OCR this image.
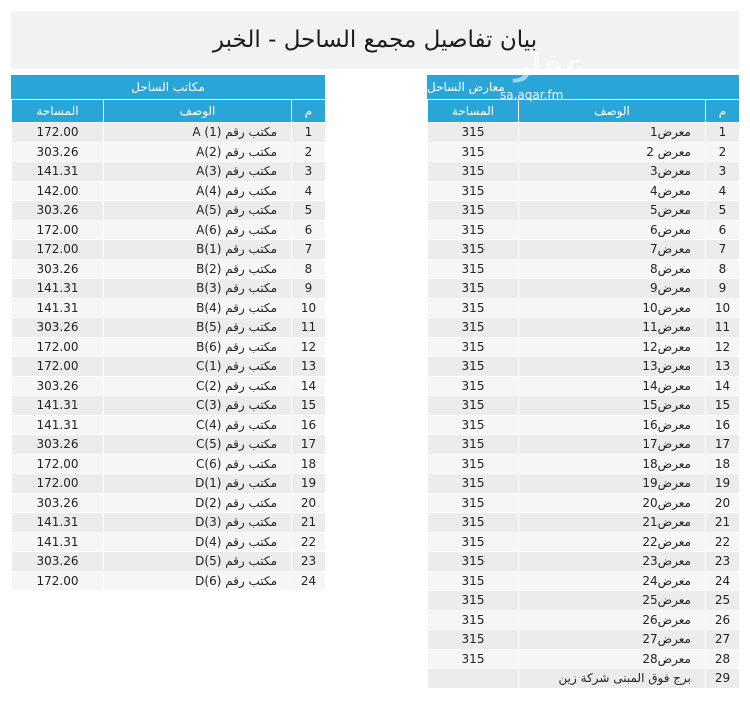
بيان تفاصيل مجمع الساحل - الخبر
مكاتب الساحل
المساحة	الوصف	م
172.00	مكتب رقم (1) A	1
303.26	مكتب رقم (2)A	2
141.31	مكتب رقم (3)A	3
142.00	مكتب رقم (4)A	4
303.26	مكتب رقم (5)A	5
172.00	مكتب رقم (6)A	6
172.00	مكتب رقم (1)B	7
303.26	مكتب رقم (2)B	8
141.31	مكتب رقم (3)B	9
141.31	مكتب رقم (4)B	10
303.26	مكتب رقم (5)B	11
172.00	مكتب رقم (6)B	12
172.00	مكتب رقم (1)C	13
303.26	مكتب رقم (2)C	14
141.31	مكتب رقم (3)C	15
141.31	مكتب رقم (4)C	16
303.26	مكتب رقم (5)C	17
172.00	مكتب رقم (6)C	18
172.00	مكتب رقم (1)D	19
303.26	مكتب رقم (2)D	20
141.31	مكتب رقم (3)D	21
141.31	مكتب رقم (4)D	22
303.26	مكتب رقم (5)D	23
172.00	مكتب رقم (6)D	24
معارض الساحل
المساحة	الوصف	م
315	معرض1	1
315	معرض 2	2
315	معرض3	3
315	معرض4	4
315	معرض5	5
315	معرض6	6
315	معرض7	7
315	معرض8	8
315	معرض9	9
315	معرض10	10
315	معرض11	11
315	معرض12	12
315	معرض13	13
315	معرض14	14
315	معرض15	15
315	معرض16	16
315	معرض17	17
315	معرض18	18
315	معرض19	19
315	معرض20	20
315	معرض21	21
315	معرض22	22
315	معرض23	23
315	معرض24	24
315	معرض25	25
315	معرض26	26
315	معرض27	27
315	معرض28	28
	برج فوق المبنى شركة زين	29
عقار
sa.aqar.fm
